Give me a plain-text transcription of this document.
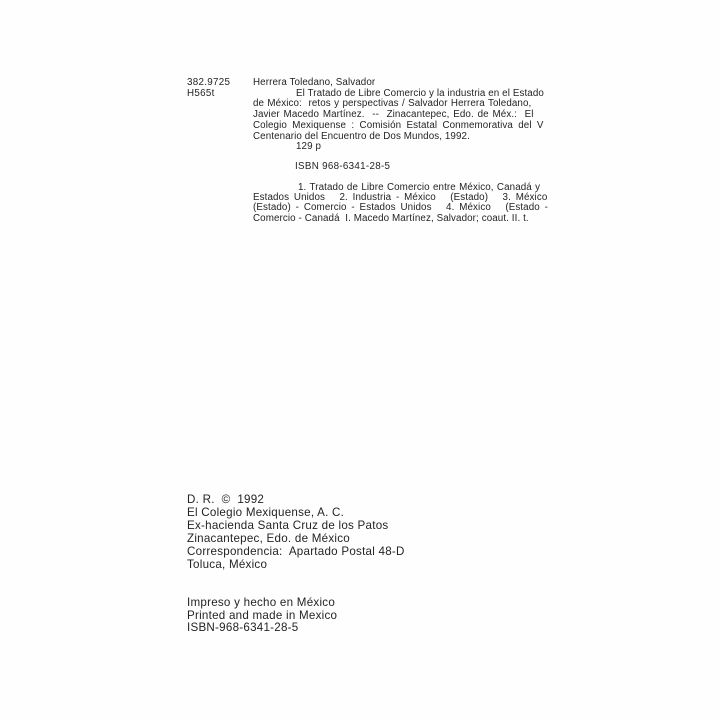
382.9725
H565t
Herrera Toledano, Salvador
El Tratado de Libre Comercio y la industria en el Estado
de México:  retos y perspectivas / Salvador Herrera Toledano,
Javier Macedo Martínez.  --  Zinacantepec, Edo. de Méx.:  El
Colegio Mexiquense : Comisión Estatal Conmemorativa del V
Centenario del Encuentro de Dos Mundos, 1992.
129 p
ISBN 968-6341-28-5
1. Tratado de Libre Comercio entre México, Canadá y
Estados Unidos   2. Industria - México   (Estado)   3. México
(Estado) - Comercio - Estados Unidos   4. México   (Estado -
Comercio - Canadá  I. Macedo Martínez, Salvador; coaut. II. t.
D. R.  ©  1992
El Colegio Mexiquense, A. C.
Ex-hacienda Santa Cruz de los Patos
Zinacantepec, Edo. de México
Correspondencia:  Apartado Postal 48-D
Toluca, México
Impreso y hecho en México
Printed and made in Mexico
ISBN-968-6341-28-5
